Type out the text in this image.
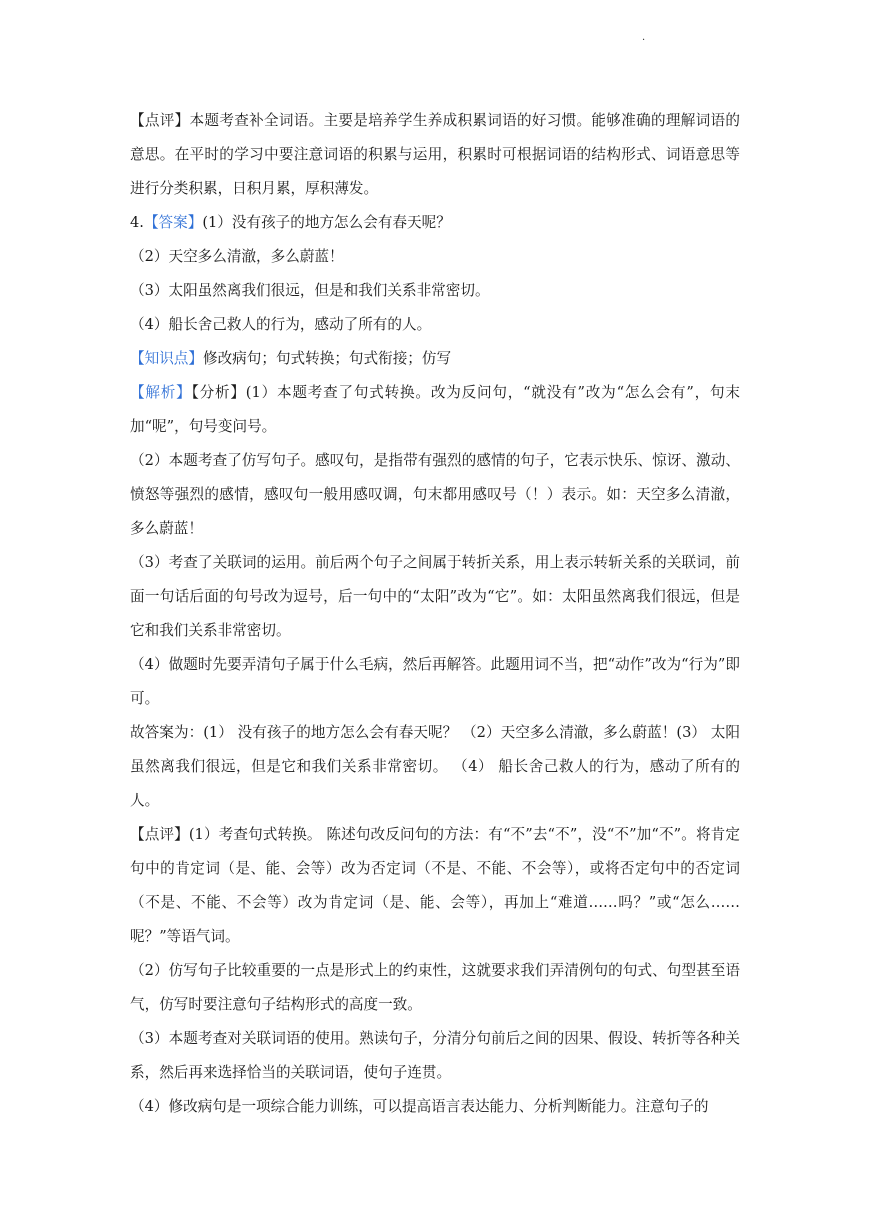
·

【点评】本题考查补全词语。主要是培养学生养成积累词语的好习惯。能够准确的理解词语的意思。在平时的学习中要注意词语的积累与运用，积累时可根据词语的结构形式、词语意思等进行分类积累，日积月累，厚积薄发。

4.【答案】(1）没有孩子的地方怎么会有春天呢？

（2）天空多么清澈，多么蔚蓝！

（3）太阳虽然离我们很远，但是和我们关系非常密切。

（4）船长舍己救人的行为，感动了所有的人。

【知识点】修改病句；句式转换；句式衔接；仿写

【解析】【分析】(1）本题考查了句式转换。改为反问句，“就没有”改为“怎么会有”，句末加“呢”，句号变问号。

（2）本题考查了仿写句子。感叹句，是指带有强烈的感情的句子，它表示快乐、惊讶、激动、愤怒等强烈的感情，感叹句一般用感叹调，句末都用感叹号（！）表示。如：天空多么清澈，多么蔚蓝！

（3）考查了关联词的运用。前后两个句子之间属于转折关系，用上表示转斩关系的关联词，前面一句话后面的句号改为逗号，后一句中的“太阳”改为“它”。如：太阳虽然离我们很远，但是它和我们关系非常密切。

（4）做题时先要弄清句子属于什么毛病，然后再解答。此题用词不当，把“动作”改为“行为”即可。

故答案为：(1） 没有孩子的地方怎么会有春天呢？ （2）天空多么清澈，多么蔚蓝！(3） 太阳虽然离我们很远，但是它和我们关系非常密切。 （4） 船长舍己救人的行为，感动了所有的人。

【点评】(1）考查句式转换。 陈述句改反问句的方法：有“不”去“不”，没“不”加“不”。将肯定句中的肯定词（是、能、会等）改为否定词（不是、不能、不会等），或将否定句中的否定词（不是、不能、不会等）改为肯定词（是、能、会等），再加上“难道……吗？”或“怎么……呢？”等语气词。

（2）仿写句子比较重要的一点是形式上的约束性，这就要求我们弄清例句的句式、句型甚至语气，仿写时要注意句子结构形式的高度一致。

（3）本题考查对关联词语的使用。熟读句子，分清分句前后之间的因果、假设、转折等各种关系，然后再来选择恰当的关联词语，使句子连贯。

（4）修改病句是一项综合能力训练，可以提高语言表达能力、分析判断能力。注意句子的
